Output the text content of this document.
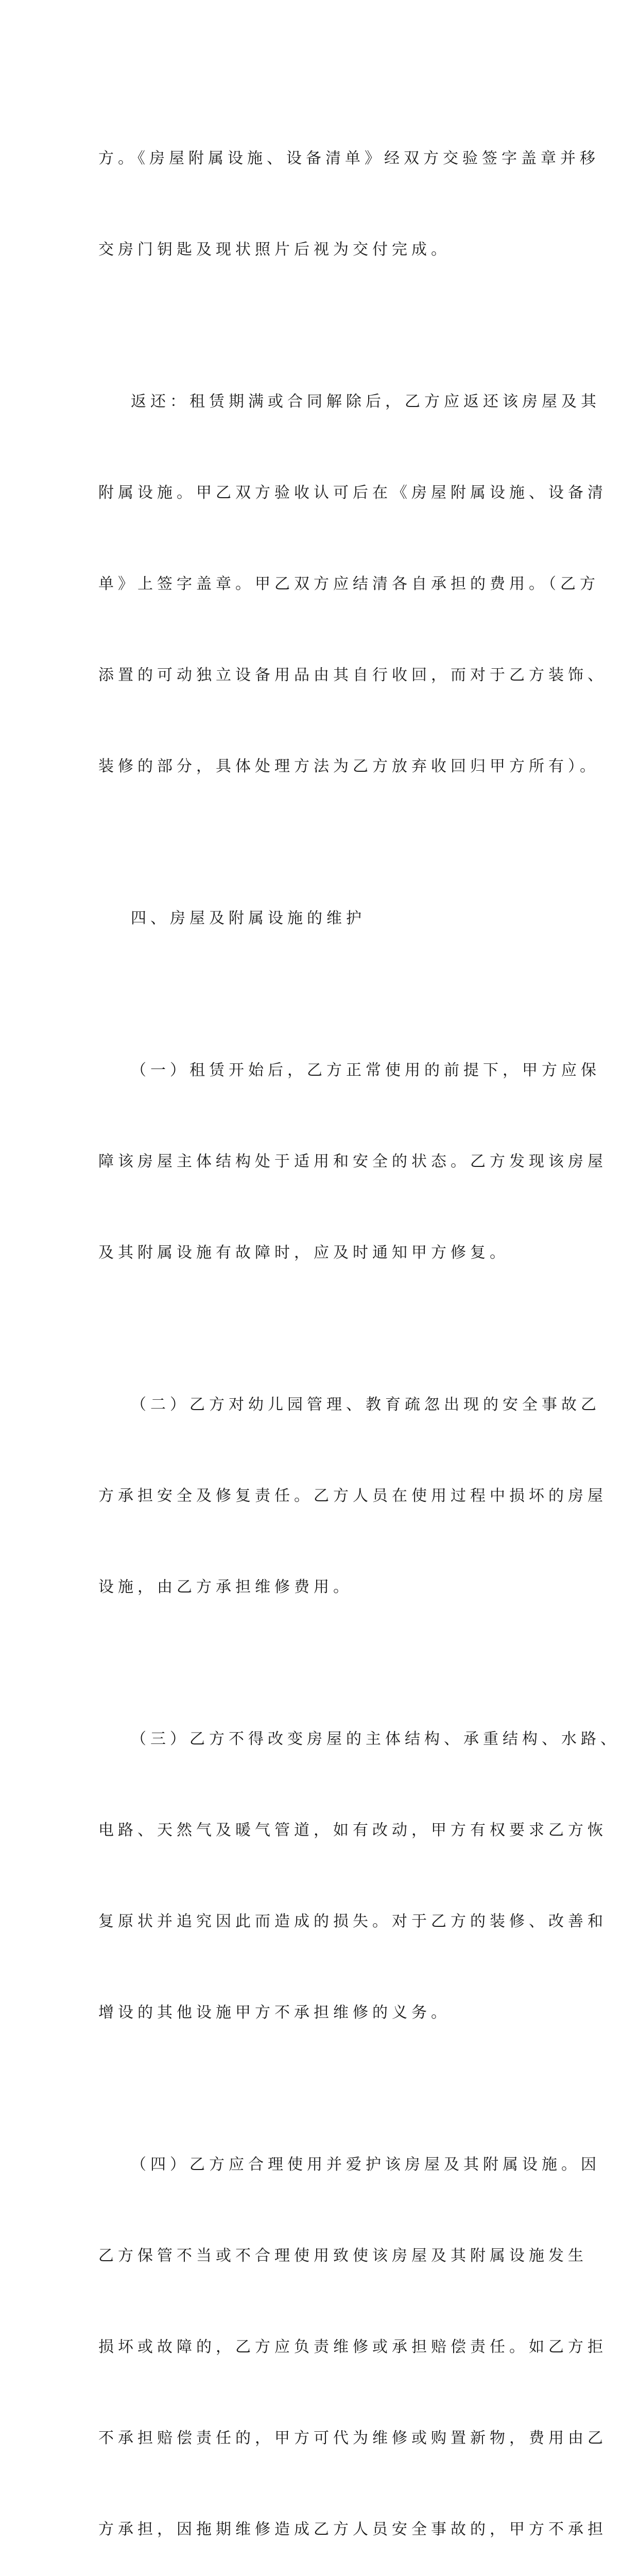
方。《房屋附属设施、设备清单》经双方交验签字盖章并移

交房门钥匙及现状照片后视为交付完成。

返还：租赁期满或合同解除后，乙方应返还该房屋及其

附属设施。甲乙双方验收认可后在《房屋附属设施、设备清

单》上签字盖章。甲乙双方应结清各自承担的费用。（乙方

添置的可动独立设备用品由其自行收回，而对于乙方装饰、

装修的部分，具体处理方法为乙方放弃收回归甲方所有）。

四、房屋及附属设施的维护

（一）租赁开始后，乙方正常使用的前提下，甲方应保

障该房屋主体结构处于适用和安全的状态。乙方发现该房屋

及其附属设施有故障时，应及时通知甲方修复。

（二）乙方对幼儿园管理、教育疏忽出现的安全事故乙

方承担安全及修复责任。乙方人员在使用过程中损坏的房屋

设施，由乙方承担维修费用。

（三）乙方不得改变房屋的主体结构、承重结构、水路、

电路、天然气及暖气管道，如有改动，甲方有权要求乙方恢

复原状并追究因此而造成的损失。对于乙方的装修、改善和

增设的其他设施甲方不承担维修的义务。

（四）乙方应合理使用并爱护该房屋及其附属设施。因

乙方保管不当或不合理使用致使该房屋及其附属设施发生

损坏或故障的，乙方应负责维修或承担赔偿责任。如乙方拒

不承担赔偿责任的，甲方可代为维修或购置新物，费用由乙

方承担，因拖期维修造成乙方人员安全事故的，甲方不承担
